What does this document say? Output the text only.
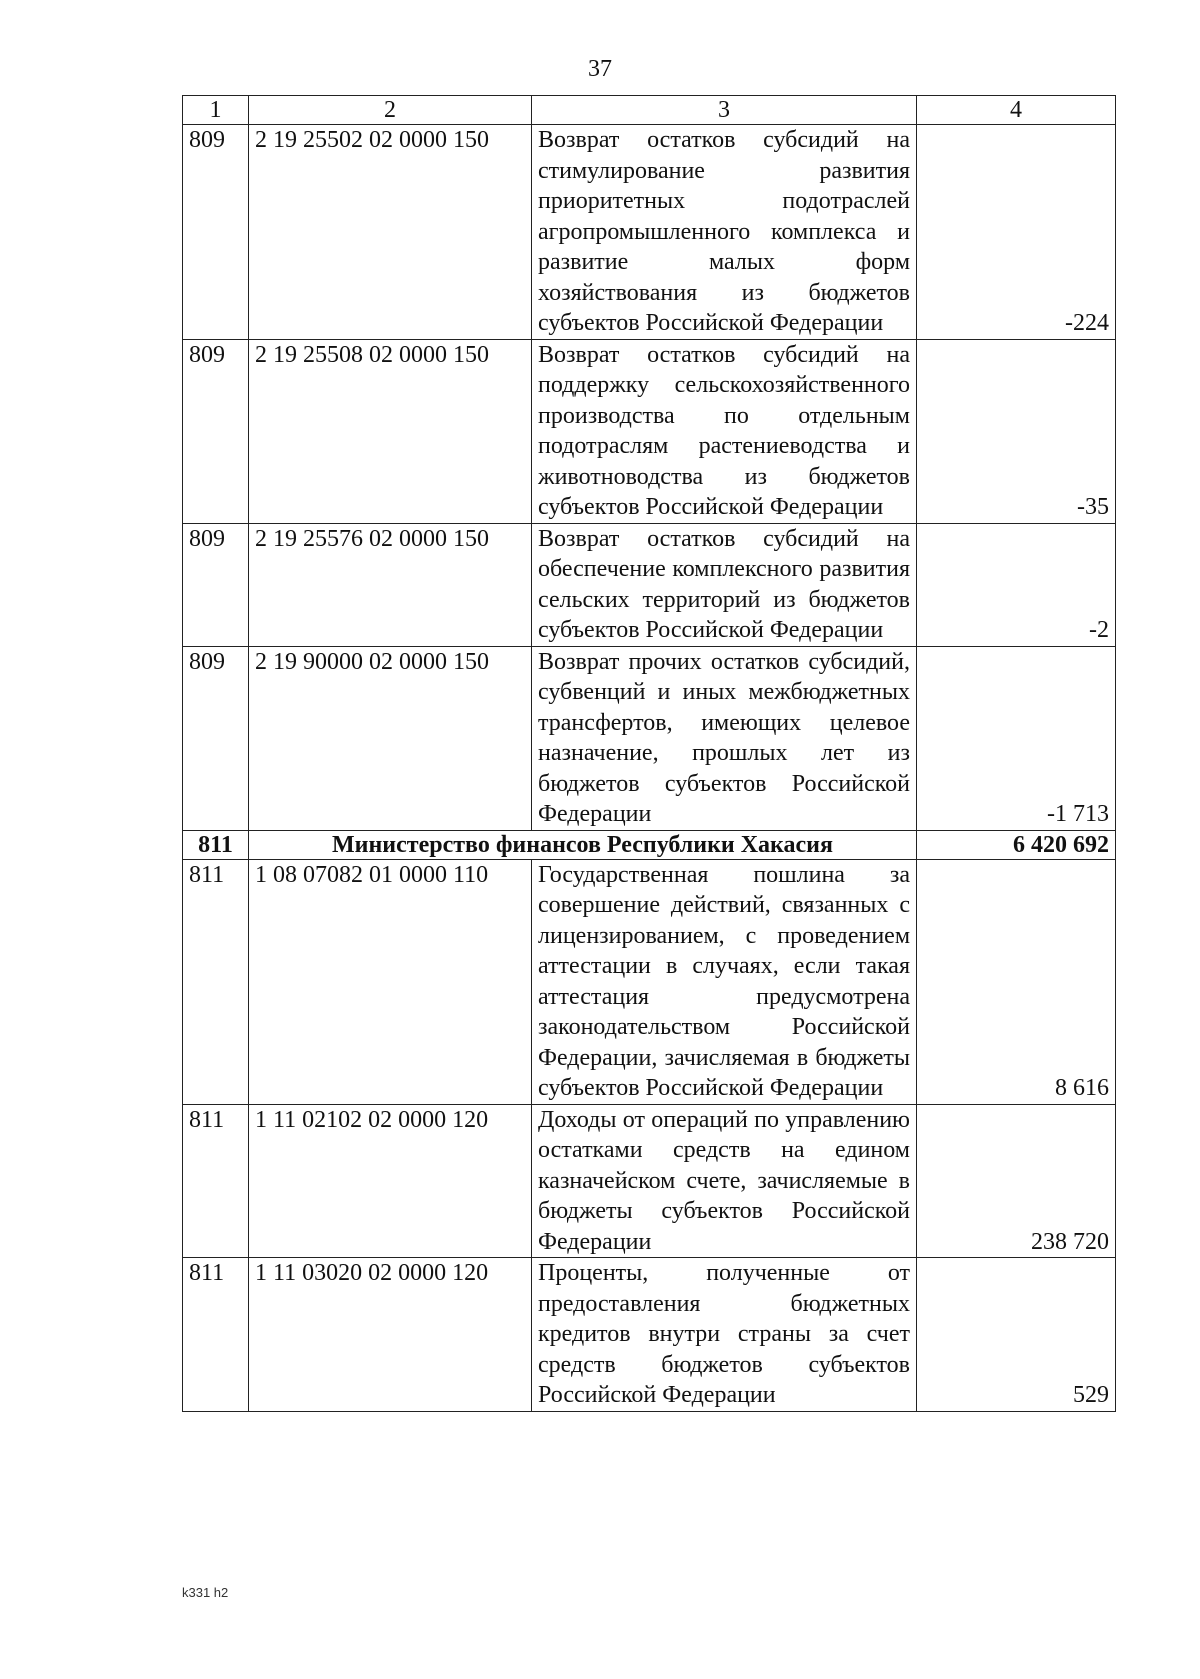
37
1	2	3	4
809	2 19 25502 02 0000 150	Возврат остатков субсидий на стимулирование развития приоритетных подотраслей агропромышленного комплекса и развитие малых форм хозяйствования из бюджетов субъектов Российской Федерации	-224
809	2 19 25508 02 0000 150	Возврат остатков субсидий на поддержку сельскохозяйственного производства по отдельным подотраслям растениеводства и животноводства из бюджетов субъектов Российской Федерации	-35
809	2 19 25576 02 0000 150	Возврат остатков субсидий на обеспечение комплексного развития сельских территорий из бюджетов субъектов Российской Федерации	-2
809	2 19 90000 02 0000 150	Возврат прочих остатков субсидий, субвенций и иных межбюджетных трансфертов, имеющих целевое назначение, прошлых лет из бюджетов субъектов Российской Федерации	-1 713
811	Министерство финансов Республики Хакасия		6 420 692
811	1 08 07082 01 0000 110	Государственная пошлина за совершение действий, связанных с лицензированием, с проведением аттестации в случаях, если такая аттестация предусмотрена законодательством Российской Федерации, зачисляемая в бюджеты субъектов Российской Федерации	8 616
811	1 11 02102 02 0000 120	Доходы от операций по управлению остатками средств на едином казначейском счете, зачисляемые в бюджеты субъектов Российской Федерации	238 720
811	1 11 03020 02 0000 120	Проценты, полученные от предоставления бюджетных кредитов внутри страны за счет средств бюджетов субъектов Российской Федерации	529
k331 h2
